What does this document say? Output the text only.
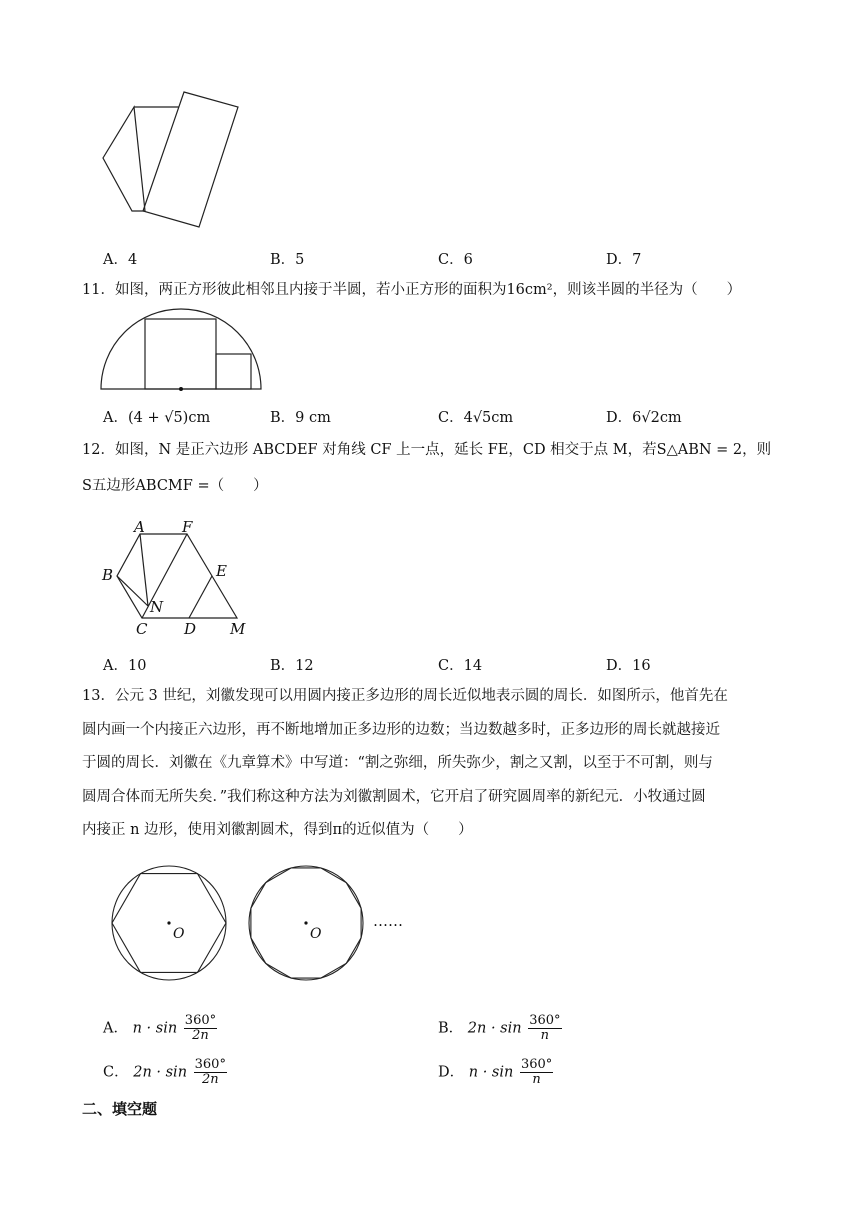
A．4	B．5	C．6	D．7
11．如图，两正方形彼此相邻且内接于半圆，若小正方形的面积为16cm²，则该半圆的半径为（　　）
A．(4 + √5)cm	B．9 cm	C．4√5cm	D．6√2cm
12．如图，N 是正六边形 ABCDEF 对角线 CF 上一点，延长 FE，CD 相交于点 M，若S△ABN = 2，则
S五边形ABCMF =（　　）
A F
B	E
N
C D M
A．10	B．12	C．14	D．16
13．公元 3 世纪，刘徽发现可以用圆内接正多边形的周长近似地表示圆的周长．如图所示，他首先在
圆内画一个内接正六边形，再不断地增加正多边形的边数；当边数越多时，正多边形的周长就越接近
于圆的周长．刘徽在《九章算术》中写道：“割之弥细，所失弥少，割之又割，以至于不可割，则与
圆周合体而无所失矣．”我们称这种方法为刘徽割圆术，它开启了研究圆周率的新纪元．小牧通过圆
内接正 n 边形，使用刘徽割圆术，得到π的近似值为（　　）
O	O
……
A． $n \cdot \sin \frac{360^\circ}{2n}$	B． $2n \cdot \sin \frac{360^\circ}{n}$
C． $2n \cdot \sin \frac{360^\circ}{2n}$	D． $n \cdot \sin \frac{360^\circ}{n}$
二、填空题
